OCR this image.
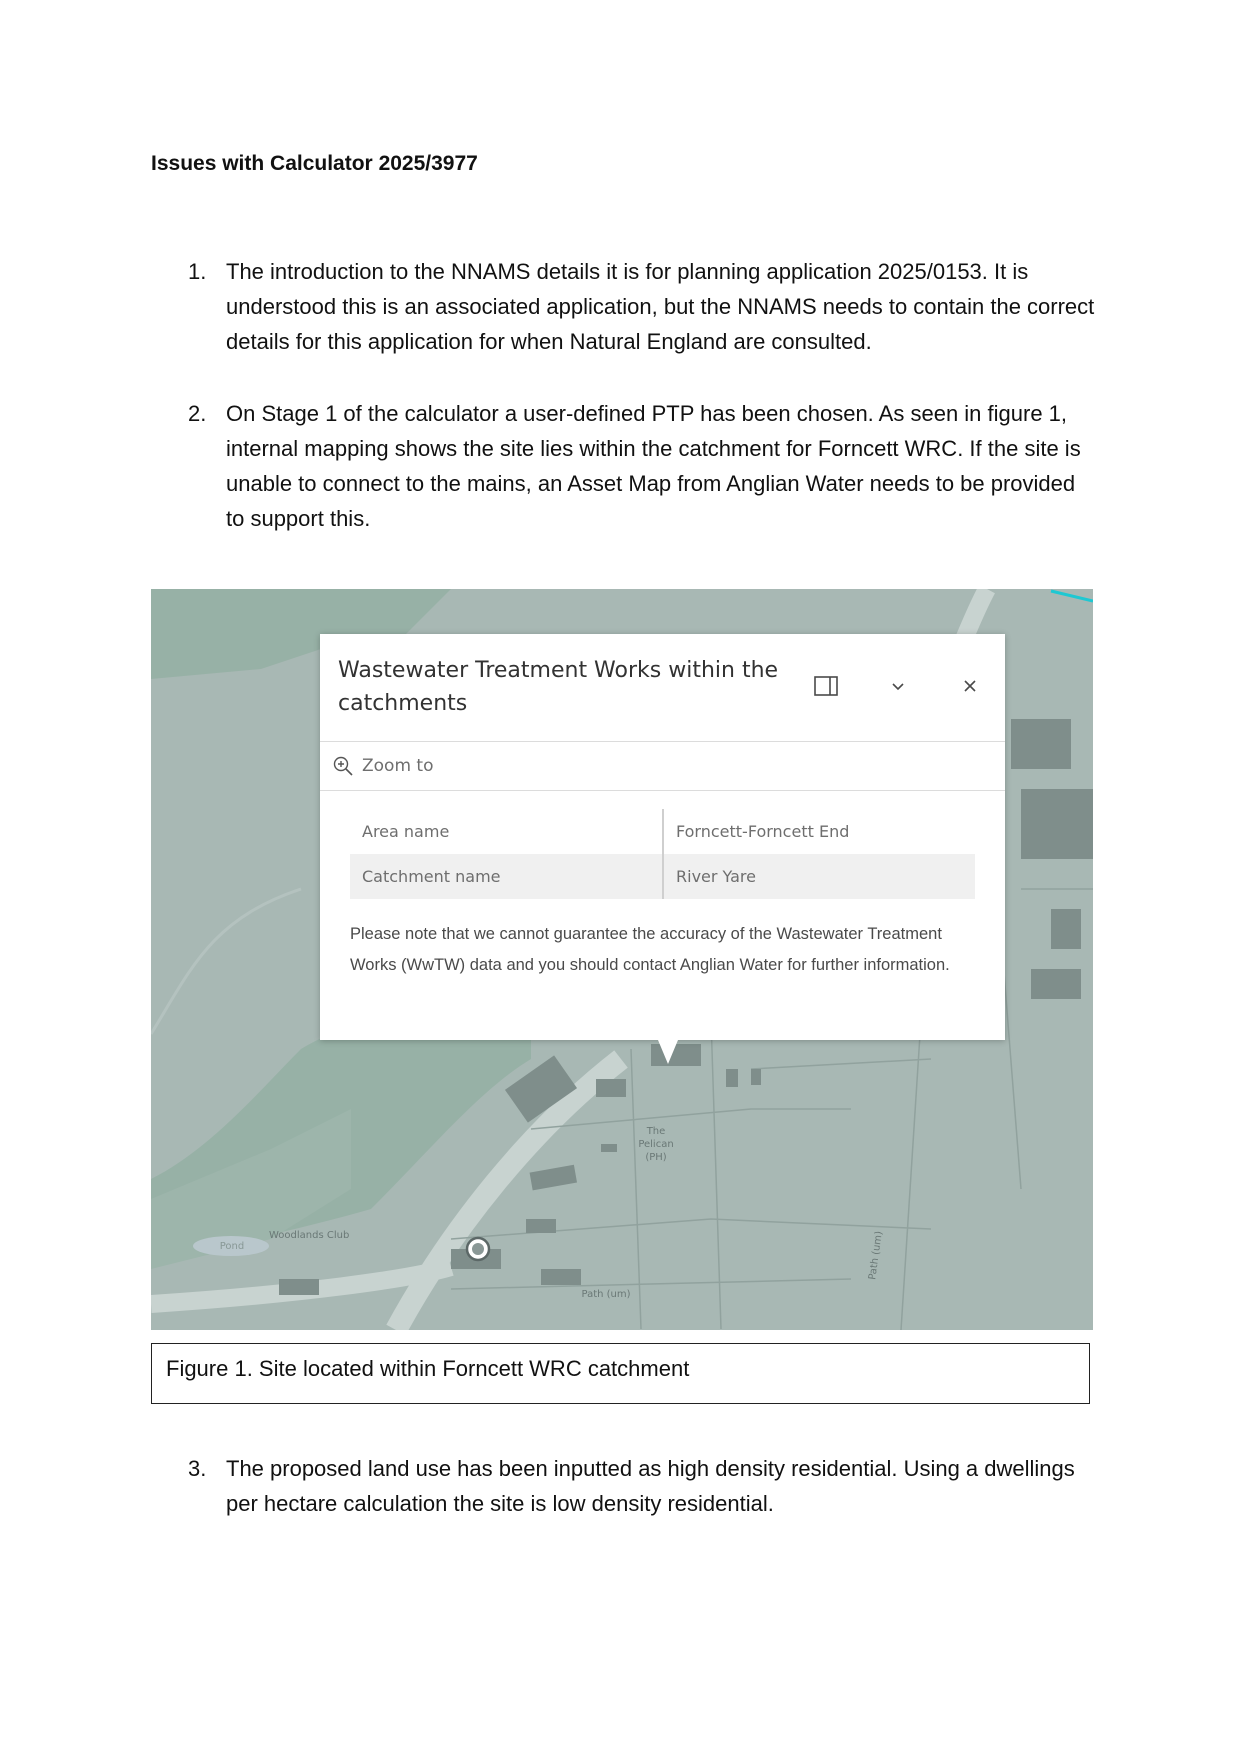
Issues with Calculator 2025/3977
1. The introduction to the NNAMS details it is for planning application 2025/0153. It is understood this is an associated application, but the NNAMS needs to contain the correct details for this application for when Natural England are consulted.
2. On Stage 1 of the calculator a user-defined PTP has been chosen. As seen in figure 1, internal mapping shows the site lies within the catchment for Forncett WRC. If the site is unable to connect to the mains, an Asset Map from Anglian Water needs to be provided to support this.
The Pelican (PH)
Woodlands Club
Pond
Path (um)
Path (um)
Wastewater Treatment Works within the catchments
Zoom to
Area name	Forncett-Forncett End
Catchment name	River Yare
Please note that we cannot guarantee the accuracy of the Wastewater Treatment Works (WwTW) data and you should contact Anglian Water for further information.
Figure 1. Site located within Forncett WRC catchment
3. The proposed land use has been inputted as high density residential. Using a dwellings per hectare calculation the site is low density residential.
